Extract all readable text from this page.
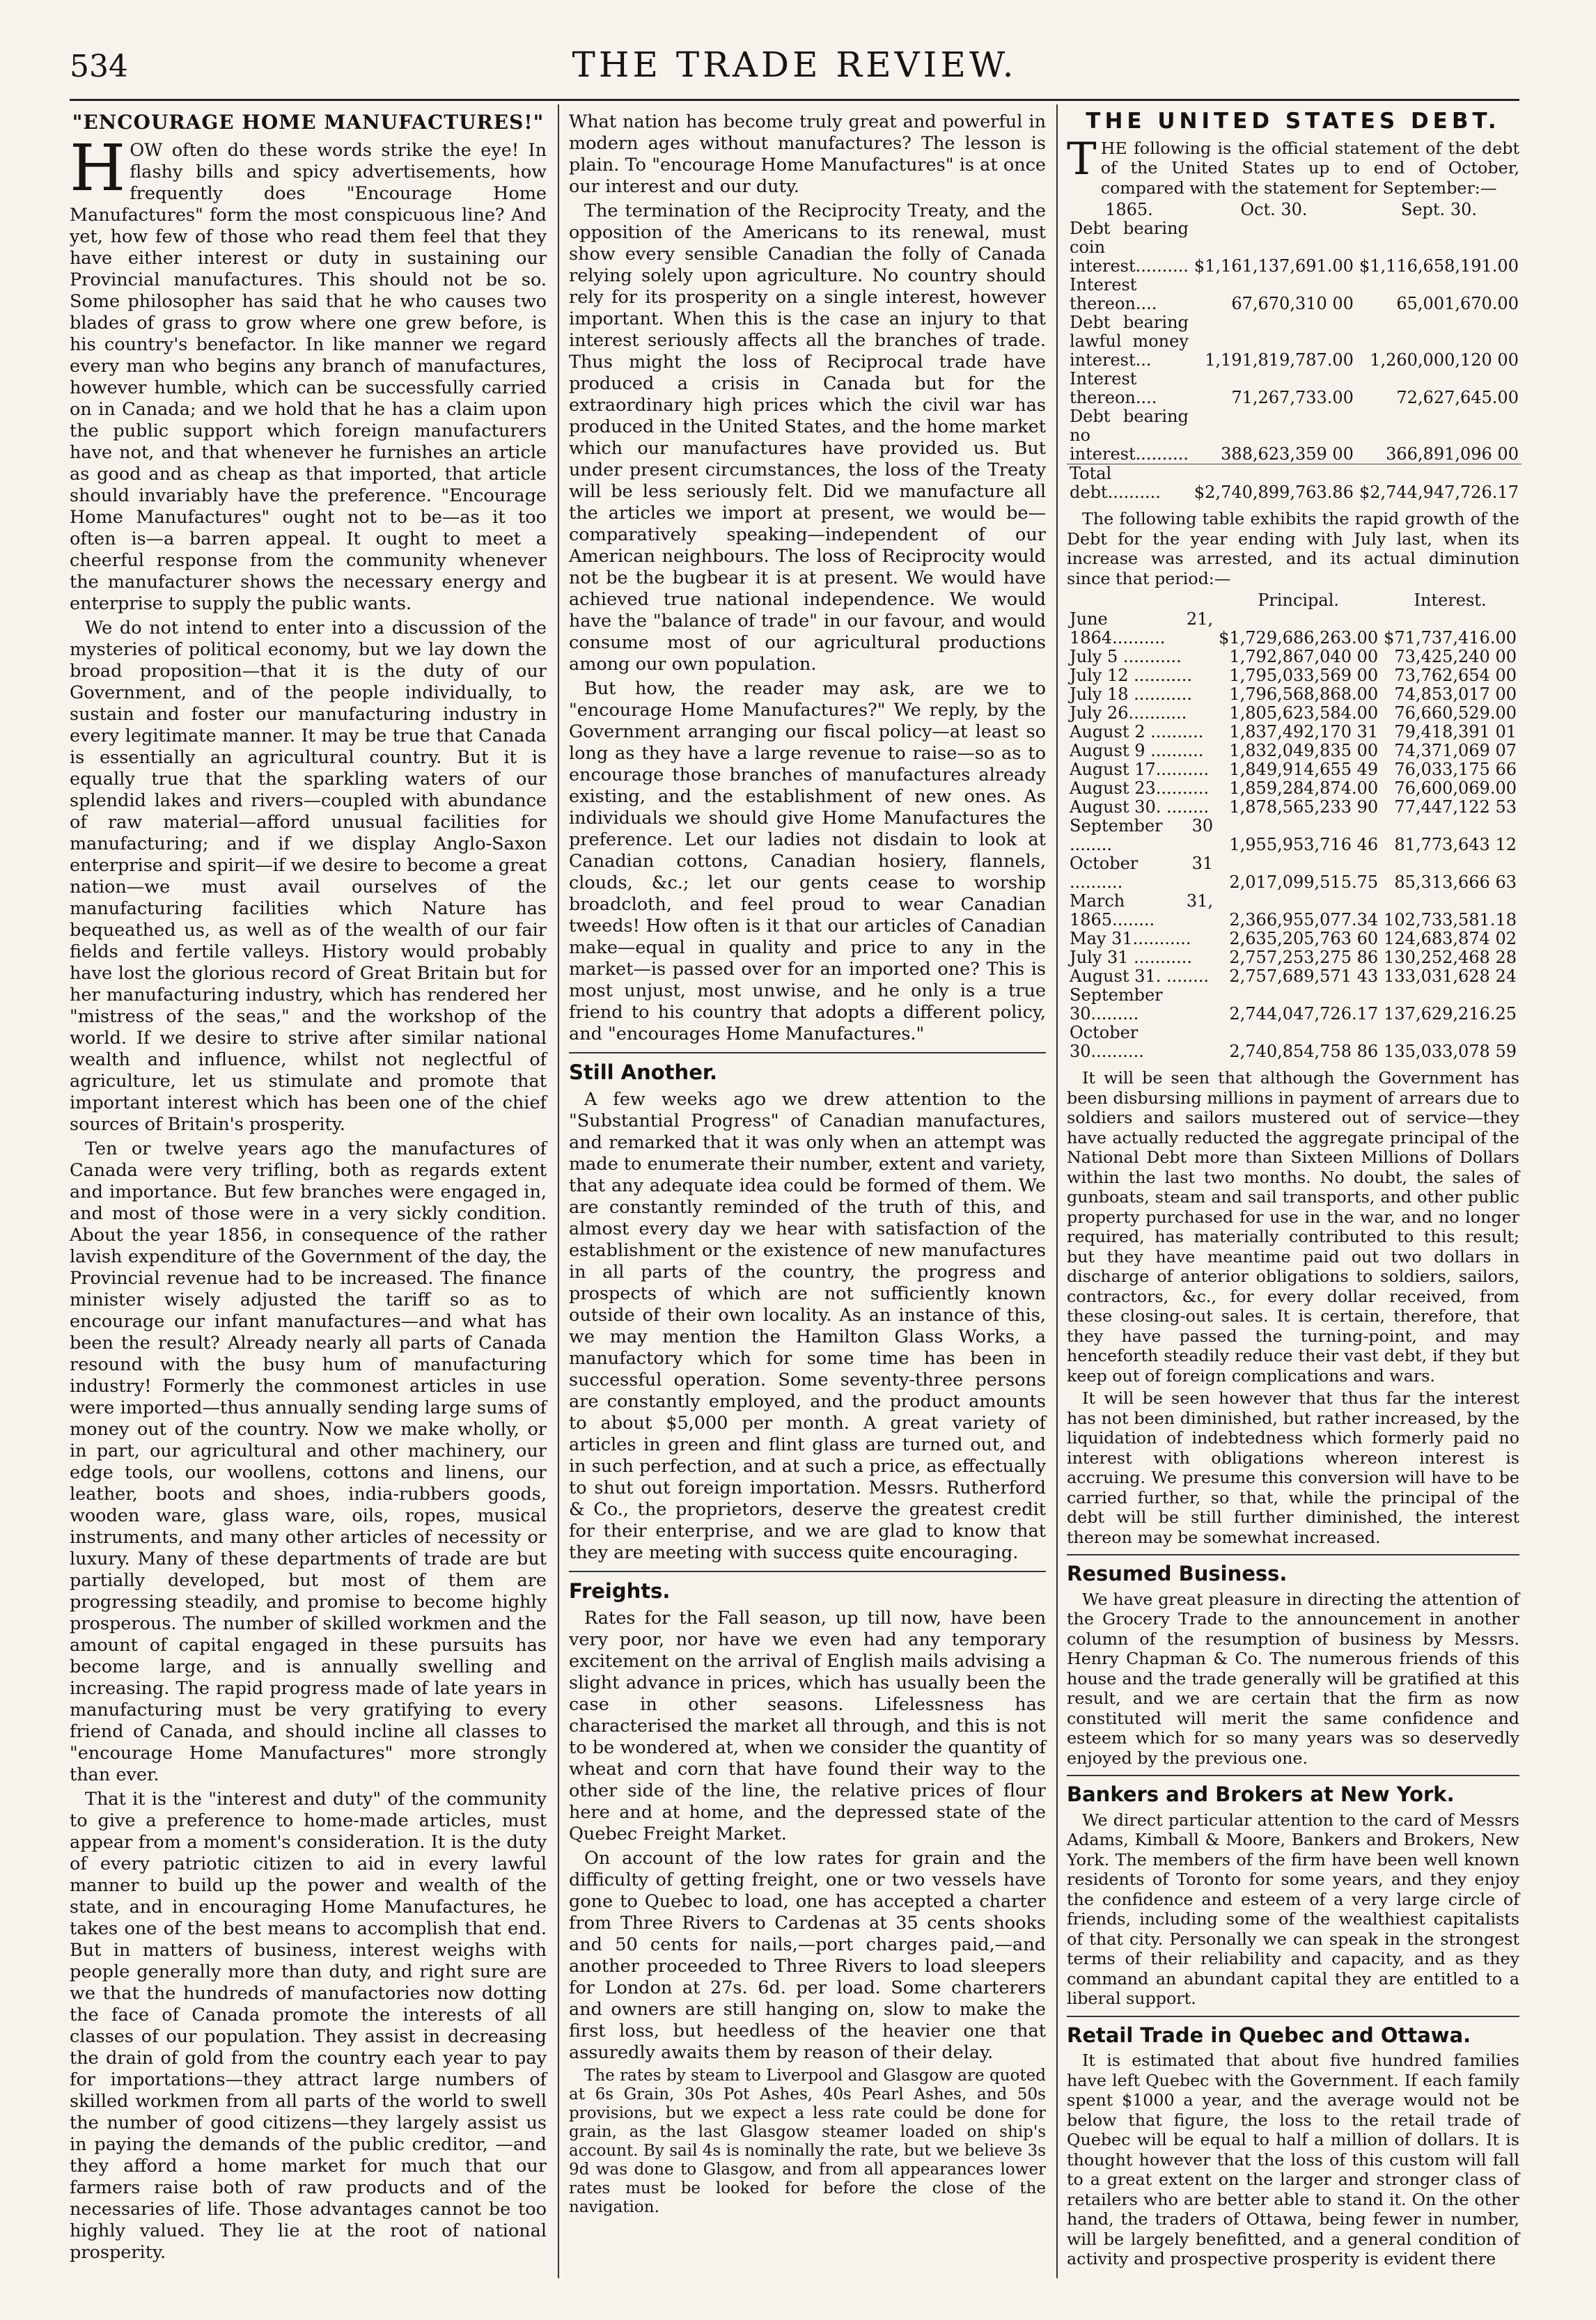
534	THE TRADE REVIEW.
"ENCOURAGE HOME MANUFACTURES!"

H OW often do these words strike the eye! In flashy bills and spicy advertisements, how frequently does "Encourage Home Manufactures" form the most conspicuous line? And yet, how few of those who read them feel that they have either interest or duty in sustaining our Provincial manufactures. This should not be so. Some philosopher has said that he who causes two blades of grass to grow where one grew before, is his country's benefactor. In like manner we regard every man who begins any branch of manufactures, however humble, which can be successfully carried on in Canada; and we hold that he has a claim upon the public support which foreign manufacturers have not, and that whenever he furnishes an article as good and as cheap as that imported, that article should invariably have the preference. "Encourage Home Manufactures" ought not to be—as it too often is—a barren appeal. It ought to meet a cheerful response from the community whenever the manufacturer shows the necessary energy and enterprise to supply the public wants.

We do not intend to enter into a discussion of the mysteries of political economy, but we lay down the broad proposition—that it is the duty of our Government, and of the people individually, to sustain and foster our manufacturing industry in every legitimate manner. It may be true that Canada is essentially an agricultural country. But it is equally true that the sparkling waters of our splendid lakes and rivers—coupled with abundance of raw material—afford unusual facilities for manufacturing; and if we display Anglo-Saxon enterprise and spirit—if we desire to become a great nation—we must avail ourselves of the manufacturing facilities which Nature has bequeathed us, as well as of the wealth of our fair fields and fertile valleys. History would probably have lost the glorious record of Great Britain but for her manufacturing industry, which has rendered her "mistress of the seas," and the workshop of the world. If we desire to strive after similar national wealth and influence, whilst not neglectful of agriculture, let us stimulate and promote that important interest which has been one of the chief sources of Britain's prosperity.

Ten or twelve years ago the manufactures of Canada were very trifling, both as regards extent and importance. But few branches were engaged in, and most of those were in a very sickly condition. About the year 1856, in consequence of the rather lavish expenditure of the Government of the day, the Provincial revenue had to be increased. The finance minister wisely adjusted the tariff so as to encourage our infant manufactures—and what has been the result? Already nearly all parts of Canada resound with the busy hum of manufacturing industry! Formerly the commonest articles in use were imported—thus annually sending large sums of money out of the country. Now we make wholly, or in part, our agricultural and other machinery, our edge tools, our woollens, cottons and linens, our leather, boots and shoes, india-rubbers goods, wooden ware, glass ware, oils, ropes, musical instruments, and many other articles of necessity or luxury. Many of these departments of trade are but partially developed, but most of them are progressing steadily, and promise to become highly prosperous. The number of skilled workmen and the amount of capital engaged in these pursuits has become large, and is annually swelling and increasing. The rapid progress made of late years in manufacturing must be very gratifying to every friend of Canada, and should incline all classes to "encourage Home Manufactures" more strongly than ever.

That it is the "interest and duty" of the community to give a preference to home-made articles, must appear from a moment's consideration. It is the duty of every patriotic citizen to aid in every lawful manner to build up the power and wealth of the state, and in encouraging Home Manufactures, he takes one of the best means to accomplish that end. But in matters of business, interest weighs with people generally more than duty, and right sure are we that the hundreds of manufactories now dotting the face of Canada promote the interests of all classes of our population. They assist in decreasing the drain of gold from the country each year to pay for importations—they attract large numbers of skilled workmen from all parts of the world to swell the number of good citizens—they largely assist us in paying the demands of the public creditor, —and they afford a home market for much that our farmers raise both of raw products and of the necessaries of life. Those advantages cannot be too highly valued. They lie at the root of national prosperity.

What nation has become truly great and powerful in modern ages without manufactures? The lesson is plain. To "encourage Home Manufactures" is at once our interest and our duty.

The termination of the Reciprocity Treaty, and the opposition of the Americans to its renewal, must show every sensible Canadian the folly of Canada relying solely upon agriculture. No country should rely for its prosperity on a single interest, however important. When this is the case an injury to that interest seriously affects all the branches of trade. Thus might the loss of Reciprocal trade have produced a crisis in Canada but for the extraordinary high prices which the civil war has produced in the United States, and the home market which our manufactures have provided us. But under present circumstances, the loss of the Treaty will be less seriously felt. Did we manufacture all the articles we import at present, we would be—comparatively speaking—independent of our American neighbours. The loss of Reciprocity would not be the bugbear it is at present. We would have achieved true national independence. We would have the "balance of trade" in our favour, and would consume most of our agricultural productions among our own population.

But how, the reader may ask, are we to "encourage Home Manufactures?" We reply, by the Government arranging our fiscal policy—at least so long as they have a large revenue to raise—so as to encourage those branches of manufactures already existing, and the establishment of new ones. As individuals we should give Home Manufactures the preference. Let our ladies not disdain to look at Canadian cottons, Canadian hosiery, flannels, clouds, &c.; let our gents cease to worship broadcloth, and feel proud to wear Canadian tweeds! How often is it that our articles of Canadian make—equal in quality and price to any in the market—is passed over for an imported one? This is most unjust, most unwise, and he only is a true friend to his country that adopts a different policy, and "encourages Home Manufactures."

Still Another.

A few weeks ago we drew attention to the "Substantial Progress" of Canadian manufactures, and remarked that it was only when an attempt was made to enumerate their number, extent and variety, that any adequate idea could be formed of them. We are constantly reminded of the truth of this, and almost every day we hear with satisfaction of the establishment or the existence of new manufactures in all parts of the country, the progress and prospects of which are not sufficiently known outside of their own locality. As an instance of this, we may mention the Hamilton Glass Works, a manufactory which for some time has been in successful operation. Some seventy-three persons are constantly employed, and the product amounts to about $5,000 per month. A great variety of articles in green and flint glass are turned out, and in such perfection, and at such a price, as effectually to shut out foreign importation. Messrs. Rutherford & Co., the proprietors, deserve the greatest credit for their enterprise, and we are glad to know that they are meeting with success quite encouraging.

Freights.

Rates for the Fall season, up till now, have been very poor, nor have we even had any temporary excitement on the arrival of English mails advising a slight advance in prices, which has usually been the case in other seasons. Lifelessness has characterised the market all through, and this is not to be wondered at, when we consider the quantity of wheat and corn that have found their way to the other side of the line, the relative prices of flour here and at home, and the depressed state of the Quebec Freight Market.

On account of the low rates for grain and the difficulty of getting freight, one or two vessels have gone to Quebec to load, one has accepted a charter from Three Rivers to Cardenas at 35 cents shooks and 50 cents for nails,—port charges paid,—and another proceeded to Three Rivers to load sleepers for London at 27s. 6d. per load. Some charterers and owners are still hanging on, slow to make the first loss, but heedless of the heavier one that assuredly awaits them by reason of their delay.

The rates by steam to Liverpool and Glasgow are quoted at 6s Grain, 30s Pot Ashes, 40s Pearl Ashes, and 50s provisions, but we expect a less rate could be done for grain, as the last Glasgow steamer loaded on ship's account. By sail 4s is nominally the rate, but we believe 3s 9d was done to Glasgow, and from all appearances lower rates must be looked for before the close of the navigation.

THE UNITED STATES DEBT.

T HE following is the official statement of the debt of the United States up to end of October, compared with the statement for September:—

1865.	Oct. 30.	Sept. 30.
Debt bearing coin interest..........	$1,161,137,691.00	$1,116,658,191.00
Interest thereon....	67,670,310 00	65,001,670.00
Debt bearing lawful money interest...	1,191,819,787.00	1,260,000,120 00
Interest thereon....	71,267,733.00	72,627,645.00
Debt bearing no interest..........	388,623,359 00	366,891,096 00
Total debt..........	$2,740,899,763.86	$2,744,947,726.17

The following table exhibits the rapid growth of the Debt for the year ending with July last, when its increase was arrested, and its actual diminution since that period:—

	Principal.	Interest.
June 21, 1864..........	$1,729,686,263.00	$71,737,416.00
July 5 ...........	1,792,867,040 00	73,425,240 00
July 12 ...........	1,795,033,569 00	73,762,654 00
July 18 ...........	1,796,568,868.00	74,853,017 00
July 26...........	1,805,623,584.00	76,660,529.00
August 2 ..........	1,837,492,170 31	79,418,391 01
August 9 ..........	1,832,049,835 00	74,371,069 07
August 17..........	1,849,914,655 49	76,033,175 66
August 23..........	1,859,284,874.00	76,600,069.00
August 30. ........	1,878,565,233 90	77,447,122 53
September 30 ........	1,955,953,716 46	81,773,643 12
October 31 ..........	2,017,099,515.75	85,313,666 63
March 31, 1865........	2,366,955,077.34	102,733,581.18
May 31...........	2,635,205,763 60	124,683,874 02
July 31 ...........	2,757,253,275 86	130,252,468 28
August 31. ........	2,757,689,571 43	133,031,628 24
September 30.........	2,744,047,726.17	137,629,216.25
October 30..........	2,740,854,758 86	135,033,078 59

It will be seen that although the Government has been disbursing millions in payment of arrears due to soldiers and sailors mustered out of service—they have actually reducted the aggregate principal of the National Debt more than Sixteen Millions of Dollars within the last two months. No doubt, the sales of gunboats, steam and sail transports, and other public property purchased for use in the war, and no longer required, has materially contributed to this result; but they have meantime paid out two dollars in discharge of anterior obligations to soldiers, sailors, contractors, &c., for every dollar received, from these closing-out sales. It is certain, therefore, that they have passed the turning-point, and may henceforth steadily reduce their vast debt, if they but keep out of foreign complications and wars.

It will be seen however that thus far the interest has not been diminished, but rather increased, by the liquidation of indebtedness which formerly paid no interest with obligations whereon interest is accruing. We presume this conversion will have to be carried further, so that, while the principal of the debt will be still further diminished, the interest thereon may be somewhat increased.

Resumed Business.

We have great pleasure in directing the attention of the Grocery Trade to the announcement in another column of the resumption of business by Messrs. Henry Chapman & Co. The numerous friends of this house and the trade generally will be gratified at this result, and we are certain that the firm as now constituted will merit the same confidence and esteem which for so many years was so deservedly enjoyed by the previous one.

Bankers and Brokers at New York.

We direct particular attention to the card of Messrs Adams, Kimball & Moore, Bankers and Brokers, New York. The members of the firm have been well known residents of Toronto for some years, and they enjoy the confidence and esteem of a very large circle of friends, including some of the wealthiest capitalists of that city. Personally we can speak in the strongest terms of their reliability and capacity, and as they command an abundant capital they are entitled to a liberal support.

Retail Trade in Quebec and Ottawa.

It is estimated that about five hundred families have left Quebec with the Government. If each family spent $1000 a year, and the average would not be below that figure, the loss to the retail trade of Quebec will be equal to half a million of dollars. It is thought however that the loss of this custom will fall to a great extent on the larger and stronger class of retailers who are better able to stand it. On the other hand, the traders of Ottawa, being fewer in number, will be largely benefitted, and a general condition of activity and prospective prosperity is evident there
